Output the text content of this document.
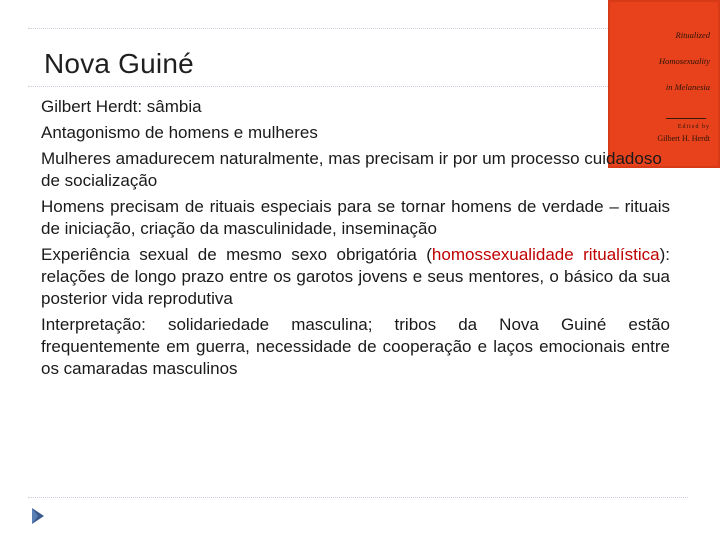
Nova Guiné
Ritualized
Homosexuality
in Melanesia
Edited by
Gilbert H. Herdt
Gilbert Herdt: sâmbia
Antagonismo de homens e mulheres
Mulheres amadurecem naturalmente, mas precisam ir por um processo cuidadoso de socialização
Homens precisam de rituais especiais para se tornar homens de verdade – rituais de iniciação, criação da masculinidade, inseminação
Experiência sexual de mesmo sexo obrigatória (homossexualidade ritualística): relações de longo prazo entre os garotos jovens e seus mentores, o básico da sua posterior vida reprodutiva
Interpretação: solidariedade masculina; tribos da Nova Guiné estão frequentemente em guerra, necessidade de cooperação e laços emocionais entre os camaradas masculinos
